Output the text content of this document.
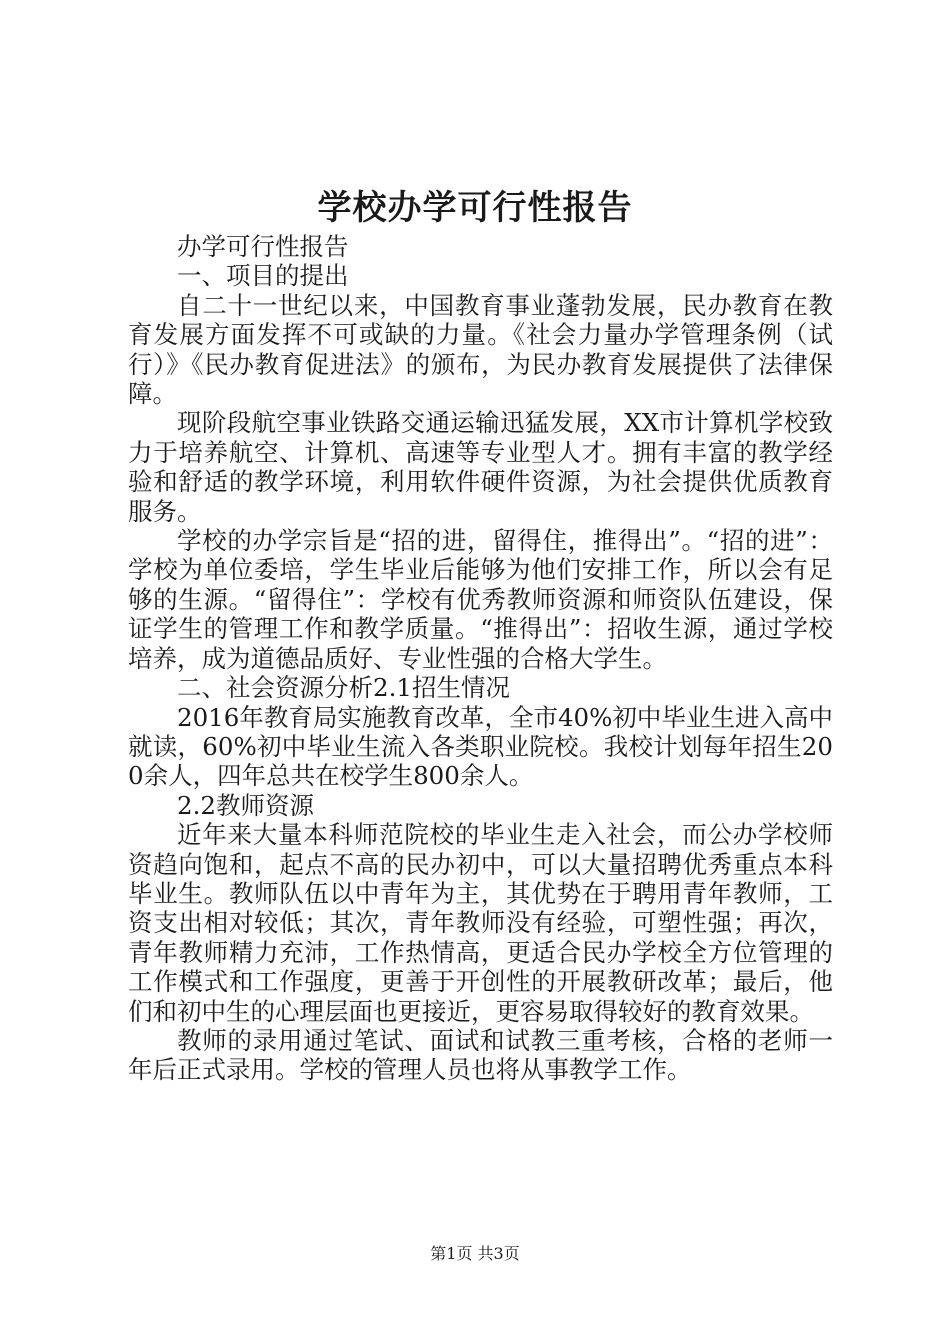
学校办学可行性报告

办学可行性报告

一、项目的提出

自二十一世纪以来，中国教育事业蓬勃发展，民办教育在教育发展方面发挥不可或缺的力量。《社会力量办学管理条例（试行）》《民办教育促进法》的颁布，为民办教育发展提供了法律保障。

现阶段航空事业铁路交通运输迅猛发展，XX市计算机学校致力于培养航空、计算机、高速等专业型人才。拥有丰富的教学经验和舒适的教学环境，利用软件硬件资源，为社会提供优质教育服务。

学校的办学宗旨是“招的进，留得住，推得出”。“招的进”：学校为单位委培，学生毕业后能够为他们安排工作，所以会有足够的生源。“留得住”：学校有优秀教师资源和师资队伍建设，保证学生的管理工作和教学质量。“推得出”：招收生源，通过学校培养，成为道德品质好、专业性强的合格大学生。

二、社会资源分析2.1招生情况

2016年教育局实施教育改革，全市40%初中毕业生进入高中就读，60%初中毕业生流入各类职业院校。我校计划每年招生200余人，四年总共在校学生800余人。

2.2教师资源

近年来大量本科师范院校的毕业生走入社会，而公办学校师资趋向饱和，起点不高的民办初中，可以大量招聘优秀重点本科毕业生。教师队伍以中青年为主，其优势在于聘用青年教师，工资支出相对较低；其次，青年教师没有经验，可塑性强；再次，青年教师精力充沛，工作热情高，更适合民办学校全方位管理的工作模式和工作强度，更善于开创性的开展教研改革；最后，他们和初中生的心理层面也更接近，更容易取得较好的教育效果。

教师的录用通过笔试、面试和试教三重考核，合格的老师一年后正式录用。学校的管理人员也将从事教学工作。

第1页 共3页
